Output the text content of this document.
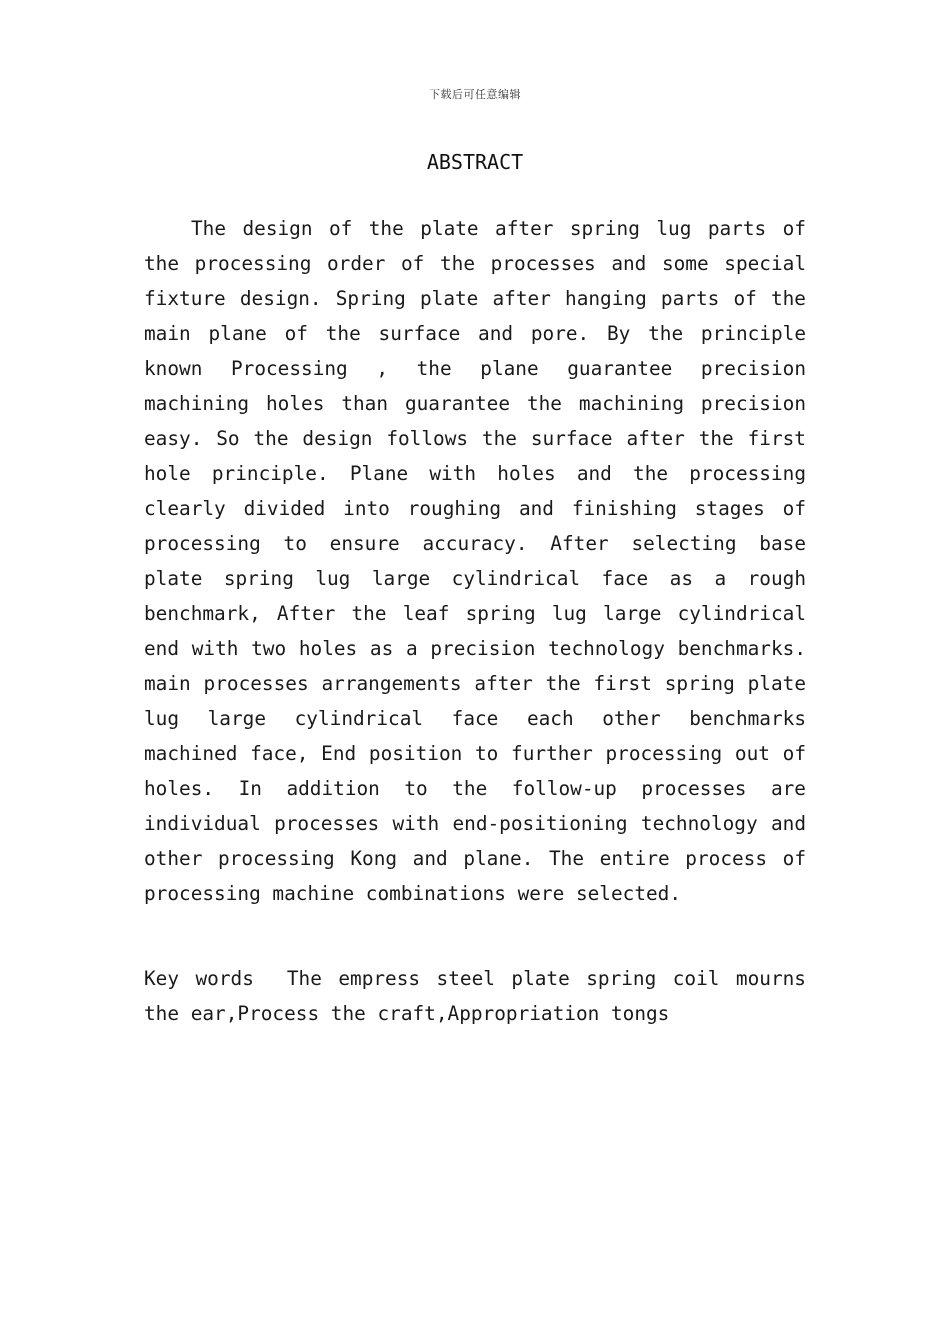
下载后可任意编辑
ABSTRACT

The design of the plate after spring lug parts of the processing order of the processes and some special fixture design. Spring plate after hanging parts of the main plane of the surface and pore. By the principle known Processing , the plane guarantee precision machining holes than guarantee the machining precision easy. So the design follows the surface after the first hole principle. Plane with holes and the processing clearly divided into roughing and finishing stages of processing to ensure accuracy. After selecting base plate spring lug large cylindrical face as a rough benchmark, After the leaf spring lug large cylindrical end with two holes as a precision technology benchmarks. main processes arrangements after the first spring plate lug large cylindrical face each other benchmarks machined face, End position to further processing out of holes. In addition to the follow-up processes are individual processes with end-positioning technology and other processing Kong and plane. The entire process of processing machine combinations were selected.

Key words The empress steel plate spring coil mourns the ear,Process the craft,Appropriation tongs
